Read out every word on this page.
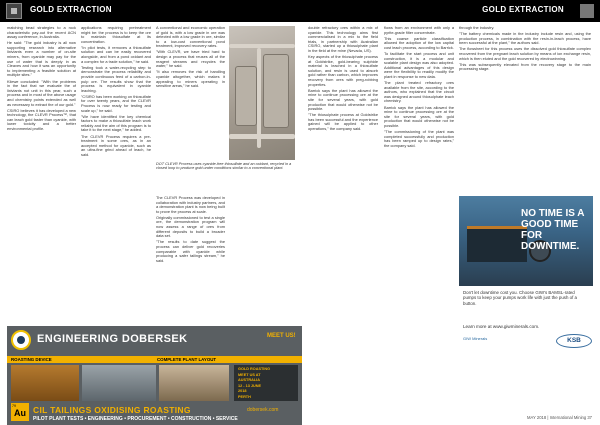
GOLD EXTRACTION	GOLD EXTRACTION

matching bead strategies to a rock characteristic pay-out the recent ACN assay conference, in Australia.

He said: "The gold industry is all now supporting research into alternative lixiviants even a number of on-site miners, from cyanide may pay for the use of water that is deeply in as Cleaves and how it was an opportunity to implementing a feasible solution at multiple sites."

Kliewe concluded: "With the problems in the fact that we evaluate the of lixiviants not unit in this year, such a process and in most of the above usage and chemistry points extended as well as necessary to extract the of our gold."

CSIRO believes it has developed a new technology, the CLEVR Process™, that can leach gold faster than cyanide, with lower toxicity and a better environmental profile.

applications requiring pretreatment might be: the process is to keep the ore to maintain thiosulfate at its concentration.

"In pilot tests, it removes a thiosulfate solution and can be easily recovered alongside, and from a pond oxidant and a complex for a trade solution," he said.

Testing took a water-recycling step to demonstrate the process reliability and provide continuous feed of a carbon-in-pulp ore. The results show that the process is equivalent in cyanide leaching.

"CSIRO has been working on thiosulfate for over twenty years, and the CLEVR Process is now ready for testing and scale up," he said.

"We have identified the key chemical factors to make a thiosulfate leach work reliably and the aim of this program is to take it to the next stage," he added.

The CLEVR Process requires a pre-treatment in some ores, as in an accepted method for cyanide, such as an ultra-fine grind ahead of leach, he said.

A conventional and economic operation of gold is, with a low grade in ore was detected with a low grade in ore, similar to a low-cost conventional pond treatment, improved recovery rates.

"With CLEVR, we have tried hard to design a process that reuses all of the reagent streams and recycles the water," he said.

"It also removes the risk of handling cyanide altogether, which makes it appealing to miners operating in sensitive areas," he said.

DOT CLEVR Process uses cyanide-free thiosulfate and an oxidant, recycled in a closed loop to produce gold under conditions similar to a conventional plant.

The CLEVR Process was developed in collaboration with industry partners, and a demonstration plant is now being built to prove the process at scale.

Originally commissioned to test a single ore, the demonstration program will now assess a range of ores from different deposits to build a broader data set.

"The results to date suggest the process can deliver gold recoveries comparable with cyanide while producing a safer tailings stream," he said.

double refractory ores within a mix of cyanide. This technology aims first commercialised in a mix to the field trials, in partnership with Australian CSIRO, started up a thiosulphate plant in the field at the mine (Nevada, US).

Key aspects of the thiosulphate process at Goldstrike, gold-bearing sulphide material is leached in a thiosulfate solution, and resin is used to absorb gold rather than carbon, which improves recovery from ores with preg-robbing properties.

Barrick says the plant has allowed the mine to continue processing ore at the site for several years, with gold production that would otherwise not be possible.

"The thiosulphate process at Goldstrike has been successful and the experience gained will be applied to other operations," the company said.

flows from an environment with only a pyrite-grade filter concentrate.

This coarse particle classification allowed the adoption of the low capital cost leach process, according to Barrick.

To facilitate the start process and unit construction, it is a modular and scalable plant design was also adopted. Additional advantages of this design were the flexibility to readily modify the plant in response to new data.

The plant treated refractory ores available from the site, according to the authors, who explained that the circuit was designed around thiosulphate leach chemistry.

Barrick says the plant has allowed the mine to continue processing ore at the site for several years, with gold production that would otherwise not be possible.

"The commissioning of the plant was completed successfully and production has been ramped up to design rates," the company said.

through the industry.

"The battery chemicals made in the industry include resin and, using the production process, in combination with the resin-in-leach process, have been successful at the plant," the authors said.

The flowsheet for this process uses the dissolved gold thiosulfate complex recovered from the pregnant leach solution by means of ion exchange resin, which is then eluted and the gold recovered by electrowinning.

This was subsequently elevated from the recovery stage to the main processing stage.

NO TIME IS A GOOD TIME FOR DOWNTIME.
Don't let downtime cost you. Choose GIW's BAMSL-rated pumps to keep your pumps work life with just the push of a button.
Learn more at www.giwminerals.com.
GIW Minerals	KSB
ENGINEERING DOBERSEK	MEET US!
ROASTING DEVICE	COMPLETE PLANT LAYOUT
GOLD ROASTING
MEET US AT
AUSTRALIA
12 - 13 JUNE
2018
PERTH
79
Au CIL TAILINGS OXIDISING ROASTING	dobersek.com
PILOT PLANT TESTS • ENGINEERING • PROCUREMENT • CONSTRUCTION • SERVICE	MAY 2018 | International Mining 37
